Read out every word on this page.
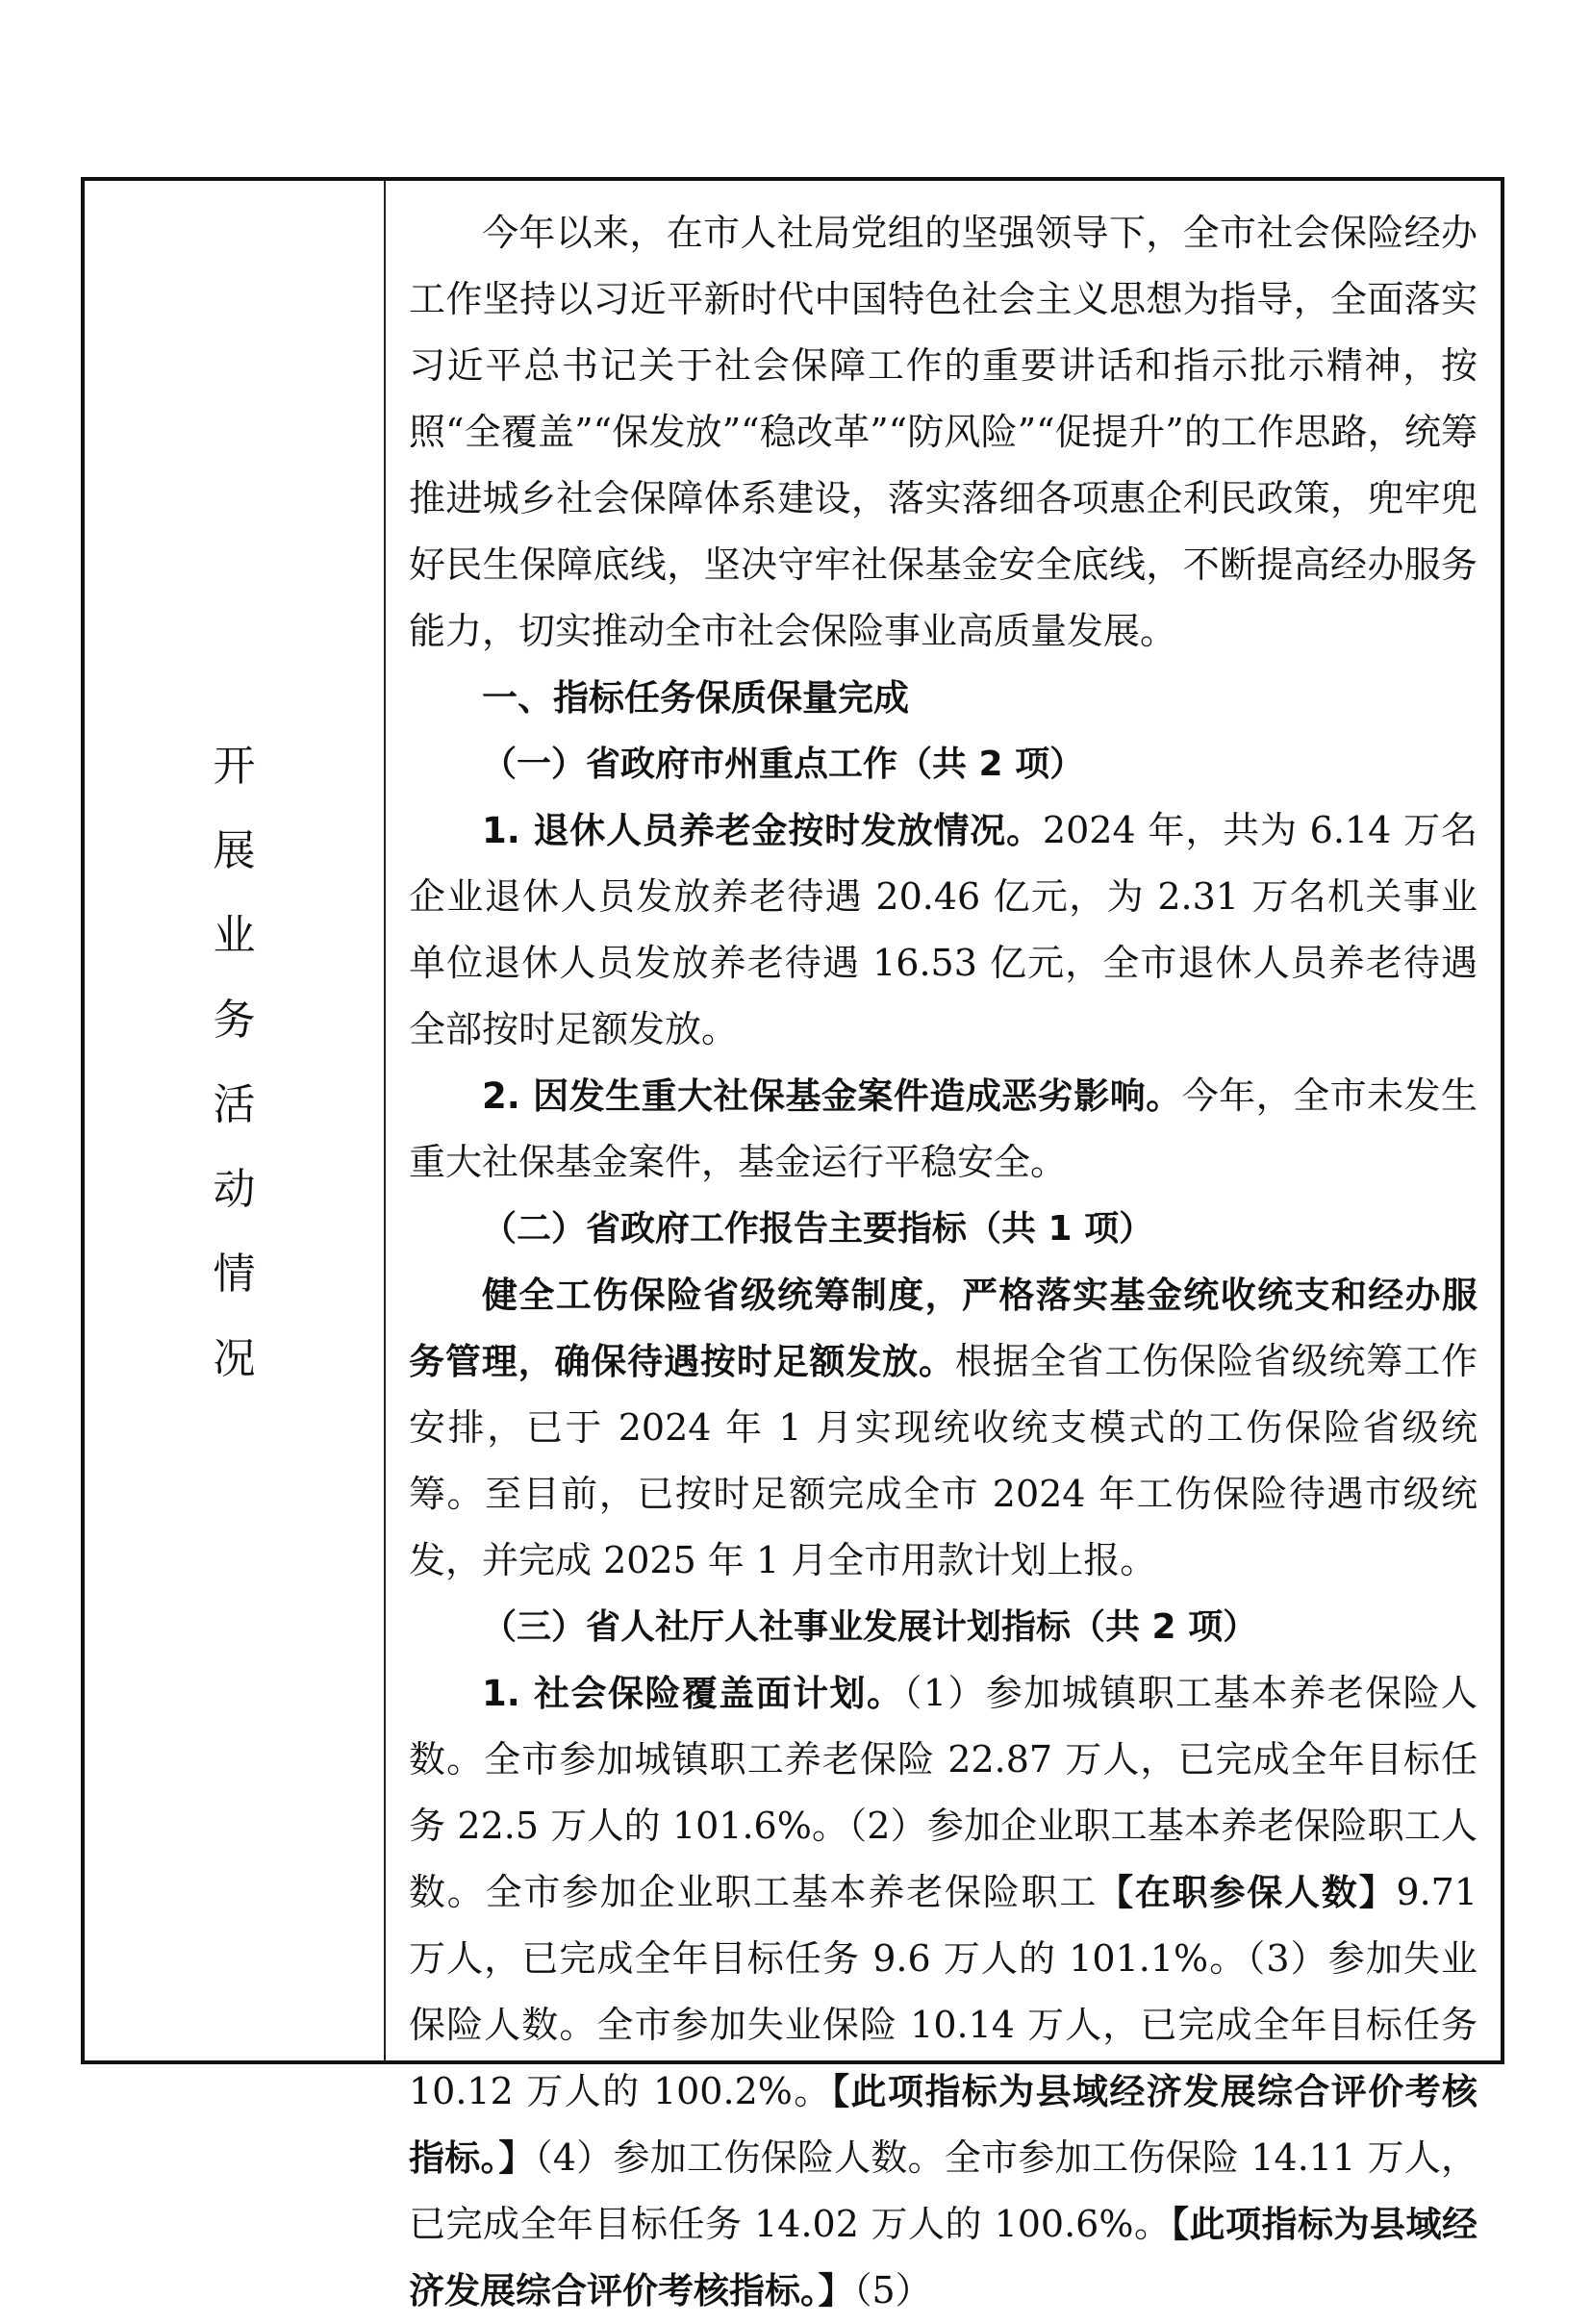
开
展
业
务
活
动
情
况

今年以来，在市人社局党组的坚强领导下，全市社会保险经办工作坚持以习近平新时代中国特色社会主义思想为指导，全面落实习近平总书记关于社会保障工作的重要讲话和指示批示精神，按照“全覆盖”“保发放”“稳改革”“防风险”“促提升”的工作思路，统筹推进城乡社会保障体系建设，落实落细各项惠企利民政策，兜牢兜好民生保障底线，坚决守牢社保基金安全底线，不断提高经办服务能力，切实推动全市社会保险事业高质量发展。

一、指标任务保质保量完成

（一）省政府市州重点工作（共 2 项）

1. 退休人员养老金按时发放情况。2024 年，共为 6.14 万名企业退休人员发放养老待遇 20.46 亿元，为 2.31 万名机关事业单位退休人员发放养老待遇 16.53 亿元，全市退休人员养老待遇全部按时足额发放。

2. 因发生重大社保基金案件造成恶劣影响。今年，全市未发生重大社保基金案件，基金运行平稳安全。

（二）省政府工作报告主要指标（共 1 项）

健全工伤保险省级统筹制度，严格落实基金统收统支和经办服务管理，确保待遇按时足额发放。根据全省工伤保险省级统筹工作安排，已于 2024 年 1 月实现统收统支模式的工伤保险省级统筹。至目前，已按时足额完成全市 2024 年工伤保险待遇市级统发，并完成 2025 年 1 月全市用款计划上报。

（三）省人社厅人社事业发展计划指标（共 2 项）

1. 社会保险覆盖面计划。（1）参加城镇职工基本养老保险人数。全市参加城镇职工养老保险 22.87 万人，已完成全年目标任务 22.5 万人的 101.6%。（2）参加企业职工基本养老保险职工人数。全市参加企业职工基本养老保险职工【在职参保人数】9.71 万人，已完成全年目标任务 9.6 万人的 101.1%。（3）参加失业保险人数。全市参加失业保险 10.14 万人，已完成全年目标任务 10.12 万人的 100.2%。【此项指标为县域经济发展综合评价考核指标。】（4）参加工伤保险人数。全市参加工伤保险 14.11 万人，已完成全年目标任务 14.02 万人的 100.6%。【此项指标为县域经济发展综合评价考核指标。】（5）
